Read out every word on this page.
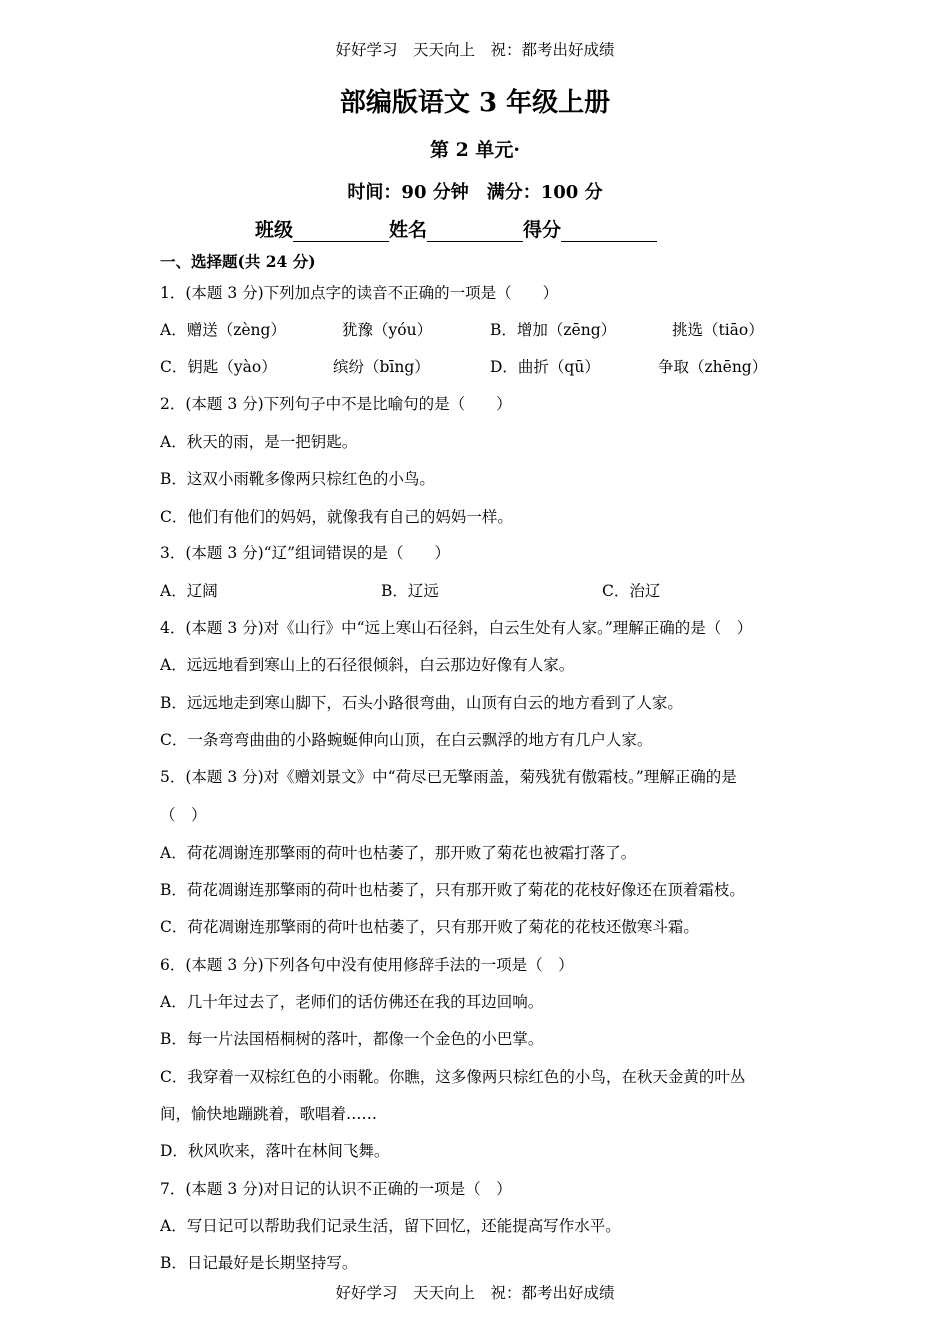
好好学习　天天向上　祝：都考出好成绩
部编版语文 3 年级上册
第 2 单元·
时间：90 分钟　满分：100 分
班级	姓名	得分
一、选择题(共 24 分)
1．(本题 3 分)下列加点字的读音不正确的一项是（　　）
A．赠送（zèng）	犹豫（yóu）	B．增加（zēng）	挑选（tiāo）
C．钥匙（yào）	缤纷（bīng）	D．曲折（qū）	争取（zhēng）
2．(本题 3 分)下列句子中不是比喻句的是（　　）
A．秋天的雨，是一把钥匙。
B．这双小雨靴多像两只棕红色的小鸟。
C．他们有他们的妈妈，就像我有自己的妈妈一样。
3．(本题 3 分)“辽”组词错误的是（　　）
A．辽阔	B．辽远	C．治辽
4．(本题 3 分)对《山行》中“远上寒山石径斜，白云生处有人家。”理解正确的是（　）
A．远远地看到寒山上的石径很倾斜，白云那边好像有人家。
B．远远地走到寒山脚下，石头小路很弯曲，山顶有白云的地方看到了人家。
C．一条弯弯曲曲的小路蜿蜒伸向山顶，在白云飘浮的地方有几户人家。
5．(本题 3 分)对《赠刘景文》中“荷尽已无擎雨盖，菊残犹有傲霜枝。”理解正确的是
（　）
A．荷花凋谢连那擎雨的荷叶也枯萎了，那开败了菊花也被霜打落了。
B．荷花凋谢连那擎雨的荷叶也枯萎了，只有那开败了菊花的花枝好像还在顶着霜枝。
C．荷花凋谢连那擎雨的荷叶也枯萎了，只有那开败了菊花的花枝还傲寒斗霜。
6．(本题 3 分)下列各句中没有使用修辞手法的一项是（　）
A．几十年过去了，老师们的话仿佛还在我的耳边回响。
B．每一片法国梧桐树的落叶，都像一个金色的小巴掌。
C．我穿着一双棕红色的小雨靴。你瞧，这多像两只棕红色的小鸟，在秋天金黄的叶丛
间，愉快地蹦跳着，歌唱着……
D．秋风吹来，落叶在林间飞舞。
7．(本题 3 分)对日记的认识不正确的一项是（　）
A．写日记可以帮助我们记录生活，留下回忆，还能提高写作水平。
B．日记最好是长期坚持写。
好好学习　天天向上　祝：都考出好成绩
